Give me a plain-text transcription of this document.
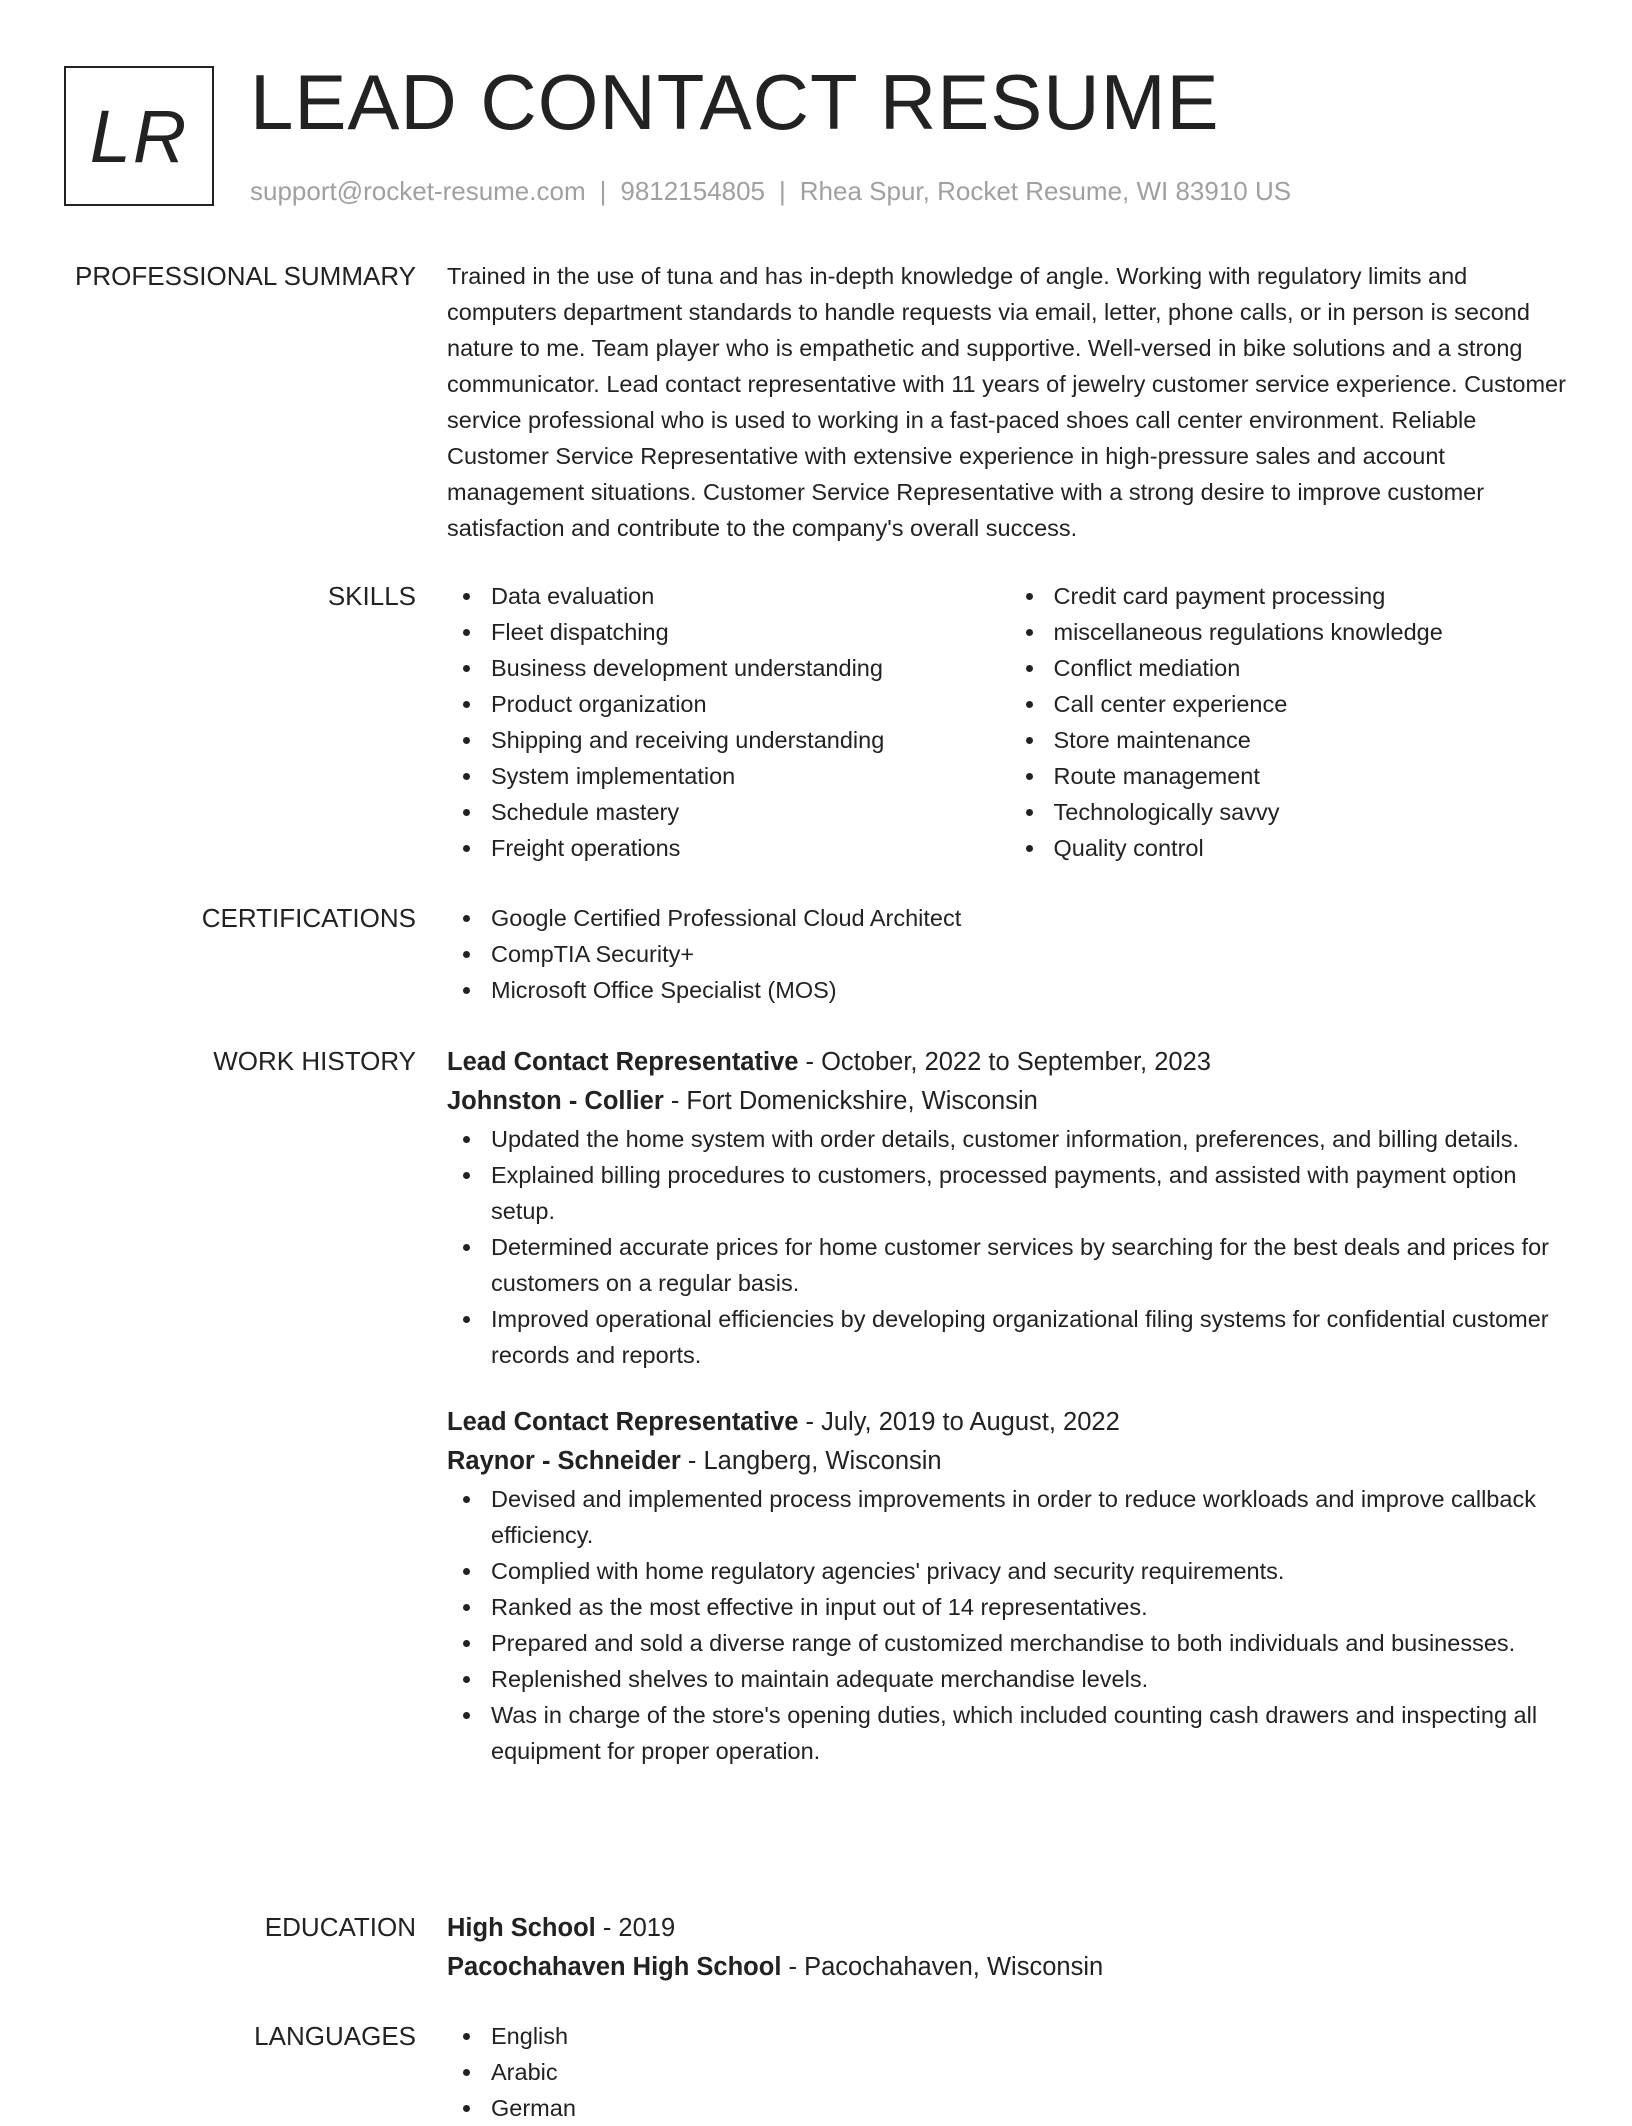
LR LEAD CONTACT RESUME
support@rocket-resume.com | 9812154805 | Rhea Spur, Rocket Resume, WI 83910 US
PROFESSIONAL SUMMARY Trained in the use of tuna and has in-depth knowledge of angle. Working with regulatory limits and computers department standards to handle requests via email, letter, phone calls, or in person is second nature to me. Team player who is empathetic and supportive. Well-versed in bike solutions and a strong communicator. Lead contact representative with 11 years of jewelry customer service experience. Customer service professional who is used to working in a fast-paced shoes call center environment. Reliable Customer Service Representative with extensive experience in high-pressure sales and account management situations. Customer Service Representative with a strong desire to improve customer satisfaction and contribute to the company's overall success.

SKILLS	Data evaluation
Fleet dispatching
Business development understanding
Product organization
Shipping and receiving understanding
System implementation
Schedule mastery
Freight operations
Credit card payment processing
miscellaneous regulations knowledge
Conflict mediation
Call center experience
Store maintenance
Route management
Technologically savvy
Quality control
CERTIFICATIONS	Google Certified Professional Cloud Architect
CompTIA Security+
Microsoft Office Specialist (MOS)
WORK HISTORY Lead Contact Representative - October, 2022 to September, 2023
Johnston - Collier - Fort Domenickshire, Wisconsin
Updated the home system with order details, customer information, preferences, and billing details.
Explained billing procedures to customers, processed payments, and assisted with payment option setup.
Determined accurate prices for home customer services by searching for the best deals and prices for customers on a regular basis.
Improved operational efficiencies by developing organizational filing systems for confidential customer records and reports.
Lead Contact Representative - July, 2019 to August, 2022
Raynor - Schneider - Langberg, Wisconsin
Devised and implemented process improvements in order to reduce workloads and improve callback efficiency.
Complied with home regulatory agencies' privacy and security requirements.
Ranked as the most effective in input out of 14 representatives.
Prepared and sold a diverse range of customized merchandise to both individuals and businesses.
Replenished shelves to maintain adequate merchandise levels.
Was in charge of the store's opening duties, which included counting cash drawers and inspecting all equipment for proper operation.
EDUCATION High School - 2019
Pacochahaven High School - Pacochahaven, Wisconsin
LANGUAGES	English
Arabic
German
